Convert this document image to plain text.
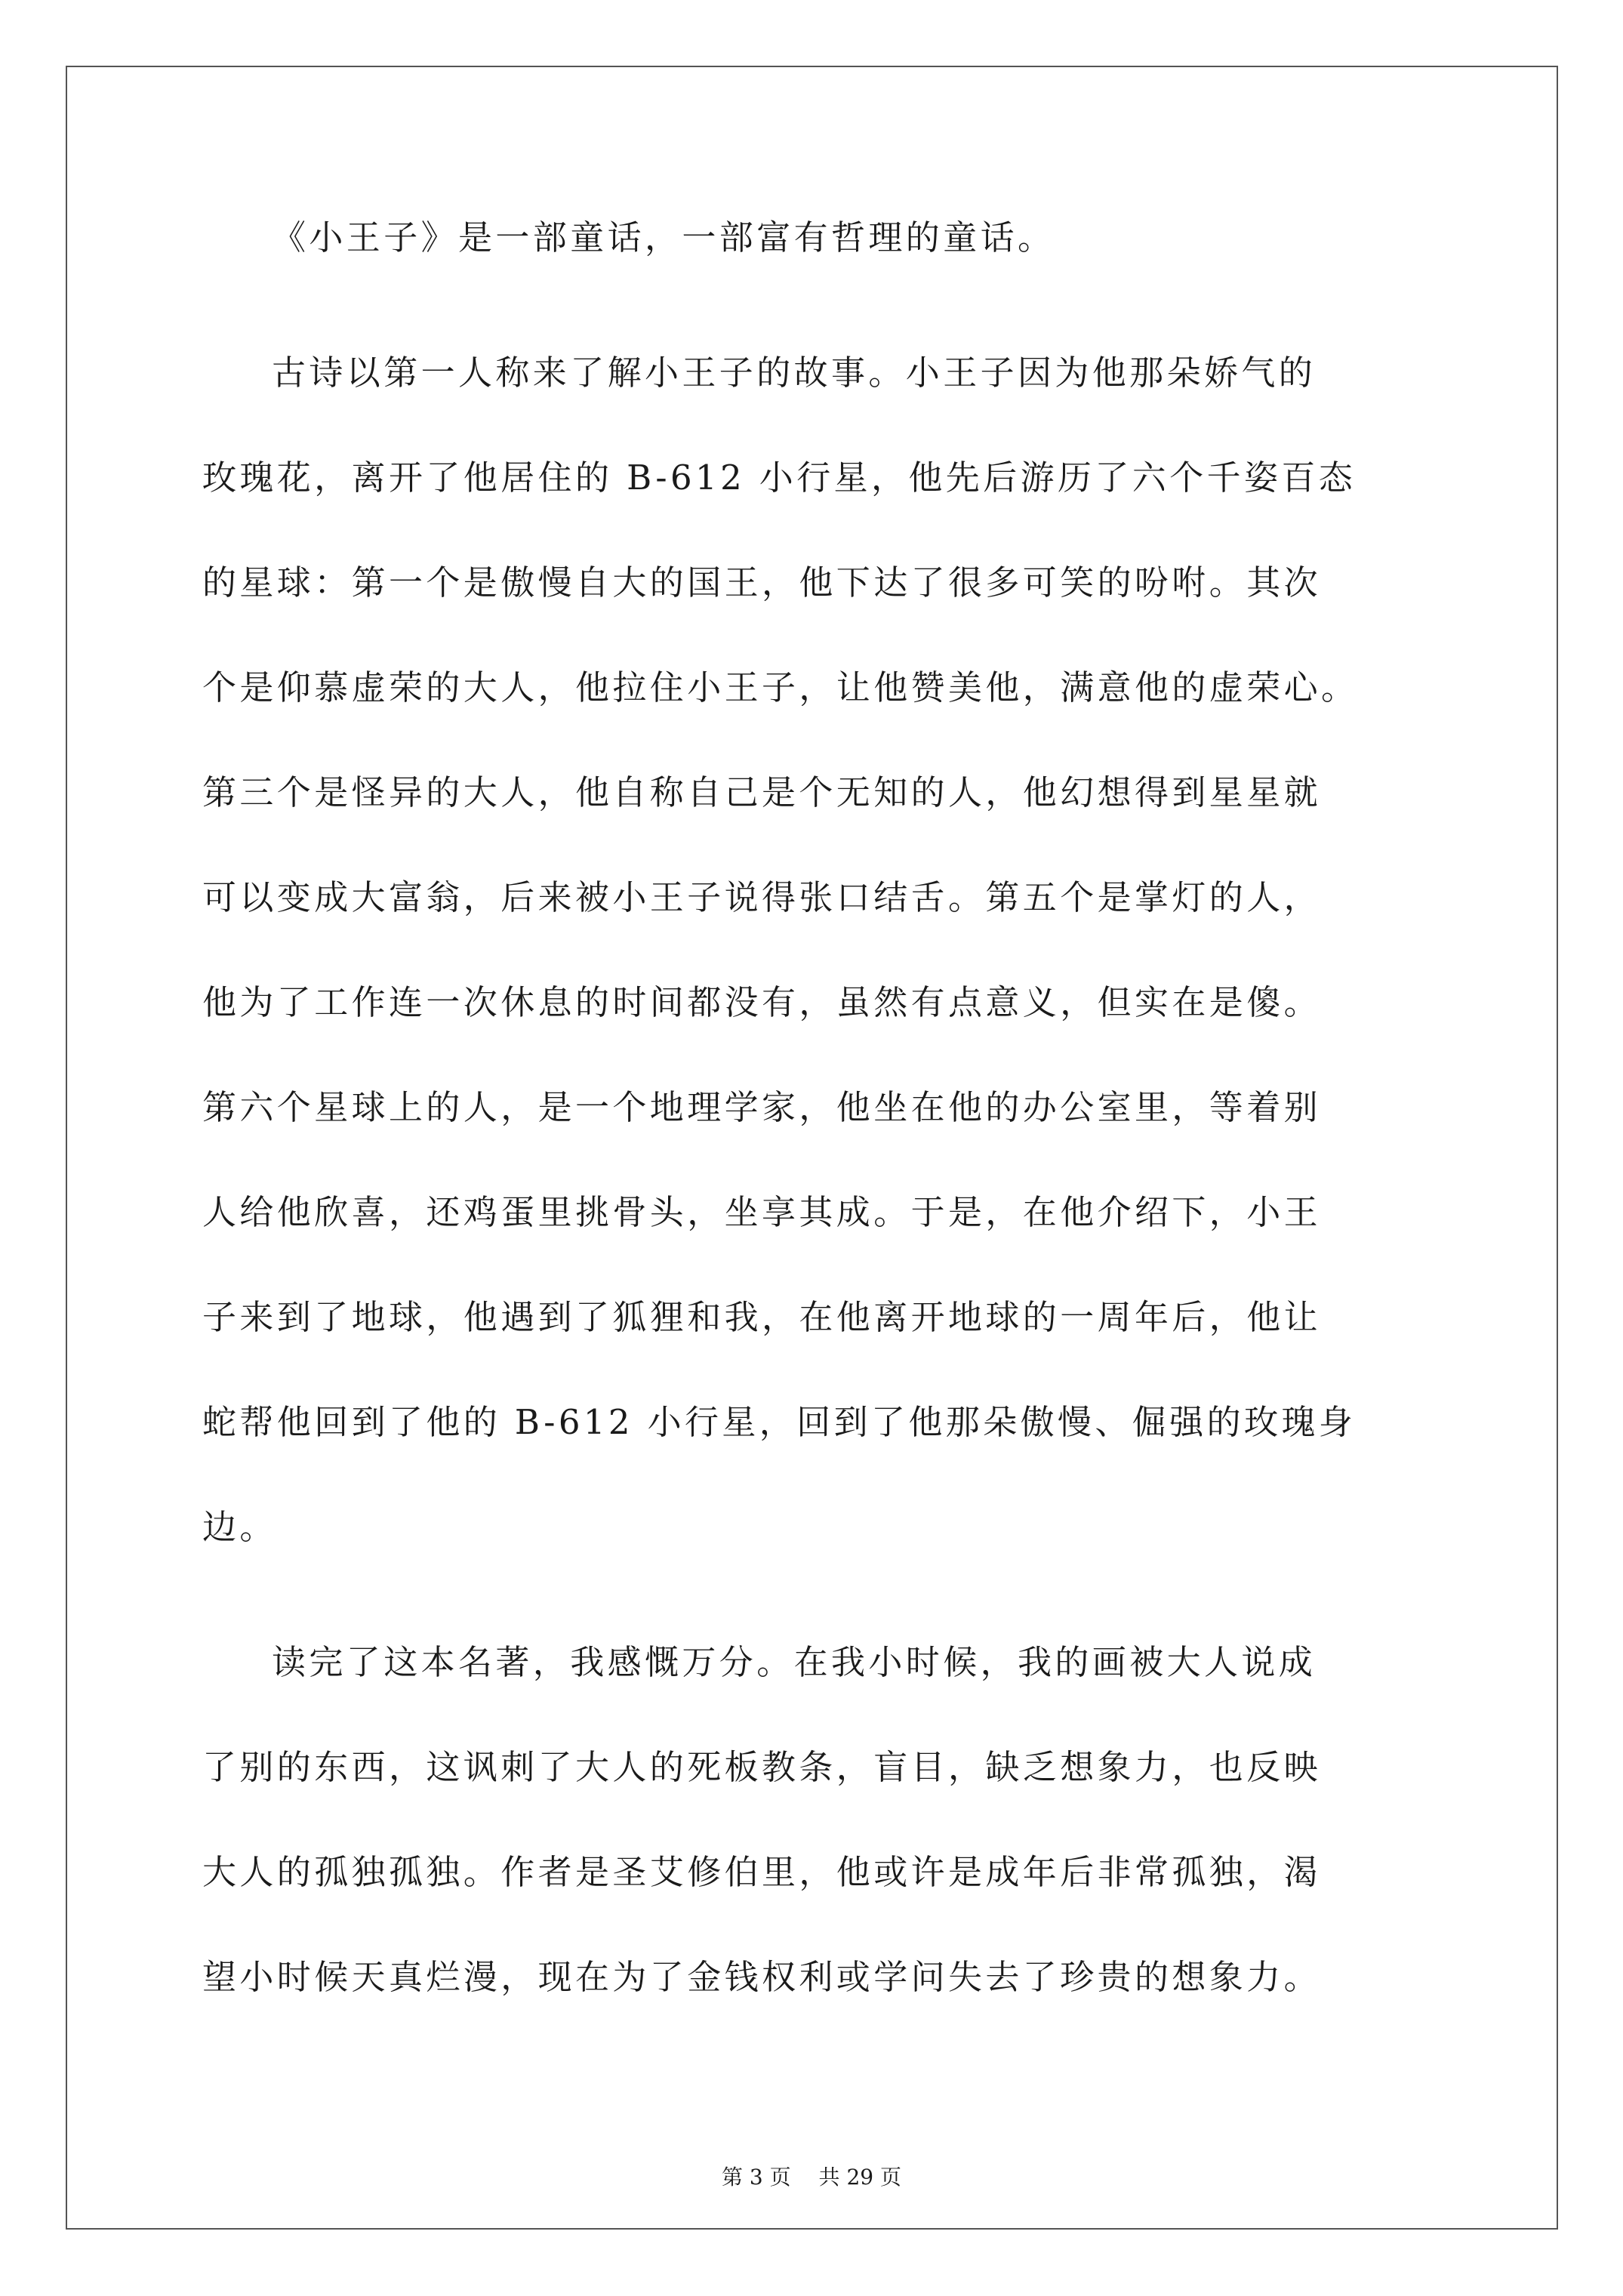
《小王子》是一部童话，一部富有哲理的童话。
古诗以第一人称来了解小王子的故事。小王子因为他那朵娇气的
玫瑰花，离开了他居住的 B-612 小行星，他先后游历了六个千姿百态
的星球：第一个是傲慢自大的国王，他下达了很多可笑的吩咐。其次
个是仰慕虚荣的大人，他拉住小王子，让他赞美他，满意他的虚荣心。
第三个是怪异的大人，他自称自己是个无知的人，他幻想得到星星就
可以变成大富翁，后来被小王子说得张口结舌。第五个是掌灯的人，
他为了工作连一次休息的时间都没有，虽然有点意义，但实在是傻。
第六个星球上的人，是一个地理学家，他坐在他的办公室里，等着别
人给他欣喜，还鸡蛋里挑骨头，坐享其成。于是，在他介绍下，小王
子来到了地球，他遇到了狐狸和我，在他离开地球的一周年后，他让
蛇帮他回到了他的 B-612 小行星，回到了他那朵傲慢、倔强的玫瑰身
边。
读完了这本名著，我感慨万分。在我小时候，我的画被大人说成
了别的东西，这讽刺了大人的死板教条，盲目，缺乏想象力，也反映
大人的孤独孤独。作者是圣艾修伯里，他或许是成年后非常孤独，渴
望小时候天真烂漫，现在为了金钱权利或学问失去了珍贵的想象力。
第 3 页 共 29 页
